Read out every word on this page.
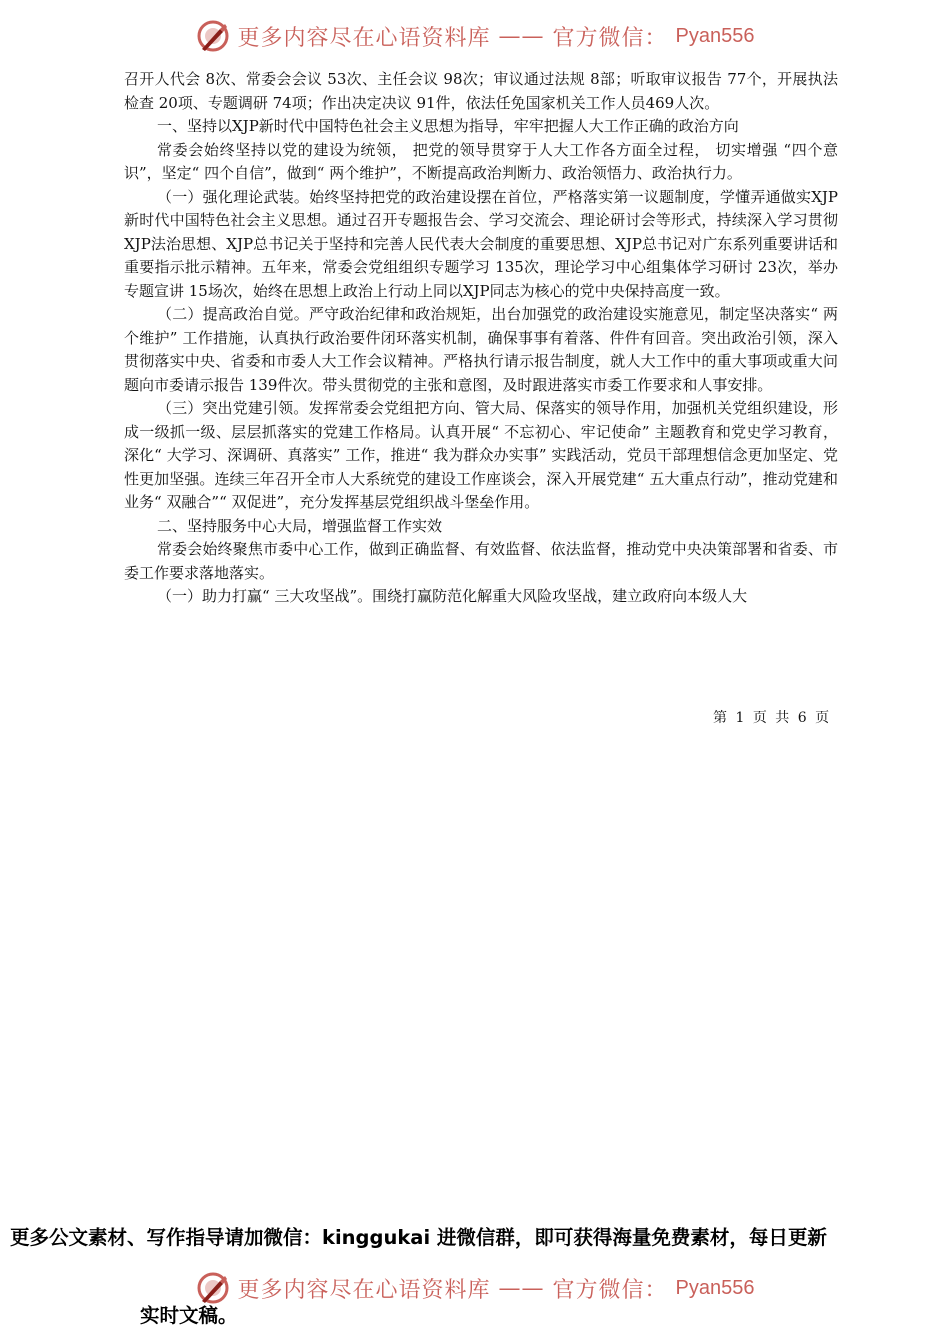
更多内容尽在心语资料库 —— 官方微信： Pyan556

召开人代会 8次、常委会会议 53次、主任会议 98次；审议通过法规 8部；听取审议报告 77个，开展执法检查 20项、专题调研 74项；作出决定决议 91件，依法任免国家机关工作人员469人次。

一、坚持以XJP新时代中国特色社会主义思想为指导，牢牢把握人大工作正确的政治方向

常委会始终坚持以党的建设为统领， 把党的领导贯穿于人大工作各方面全过程， 切实增强 “四个意识”，坚定“ 四个自信”，做到“ 两个维护”，不断提高政治判断力、政治领悟力、政治执行力。

（一）强化理论武装。始终坚持把党的政治建设摆在首位，严格落实第一议题制度，学懂弄通做实XJP新时代中国特色社会主义思想。通过召开专题报告会、学习交流会、理论研讨会等形式，持续深入学习贯彻XJP法治思想、XJP总书记关于坚持和完善人民代表大会制度的重要思想、XJP总书记对广东系列重要讲话和重要指示批示精神。五年来，常委会党组组织专题学习 135次，理论学习中心组集体学习研讨 23次，举办专题宣讲 15场次，始终在思想上政治上行动上同以XJP同志为核心的党中央保持高度一致。

（二）提高政治自觉。严守政治纪律和政治规矩，出台加强党的政治建设实施意见，制定坚决落实“ 两个维护” 工作措施，认真执行政治要件闭环落实机制，确保事事有着落、件件有回音。突出政治引领，深入贯彻落实中央、省委和市委人大工作会议精神。严格执行请示报告制度，就人大工作中的重大事项或重大问题向市委请示报告 139件次。带头贯彻党的主张和意图，及时跟进落实市委工作要求和人事安排。

（三）突出党建引领。发挥常委会党组把方向、管大局、保落实的领导作用，加强机关党组织建设，形成一级抓一级、层层抓落实的党建工作格局。认真开展“ 不忘初心、牢记使命” 主题教育和党史学习教育，深化“ 大学习、深调研、真落实” 工作，推进“ 我为群众办实事” 实践活动，党员干部理想信念更加坚定、党性更加坚强。连续三年召开全市人大系统党的建设工作座谈会，深入开展党建“ 五大重点行动”，推动党建和业务“ 双融合”“ 双促进”，充分发挥基层党组织战斗堡垒作用。

二、坚持服务中心大局，增强监督工作实效

常委会始终聚焦市委中心工作，做到正确监督、有效监督、依法监督，推动党中央决策部署和省委、市委工作要求落地落实。

（一）助力打赢“ 三大攻坚战”。围绕打赢防范化解重大风险攻坚战，建立政府向本级人大

第 1 页 共 6 页
更多公文素材、写作指导请加微信：kinggukai 进微信群，即可获得海量免费素材，每日更新
更多内容尽在心语资料库 —— 官方微信： Pyan556
实时文稿。
